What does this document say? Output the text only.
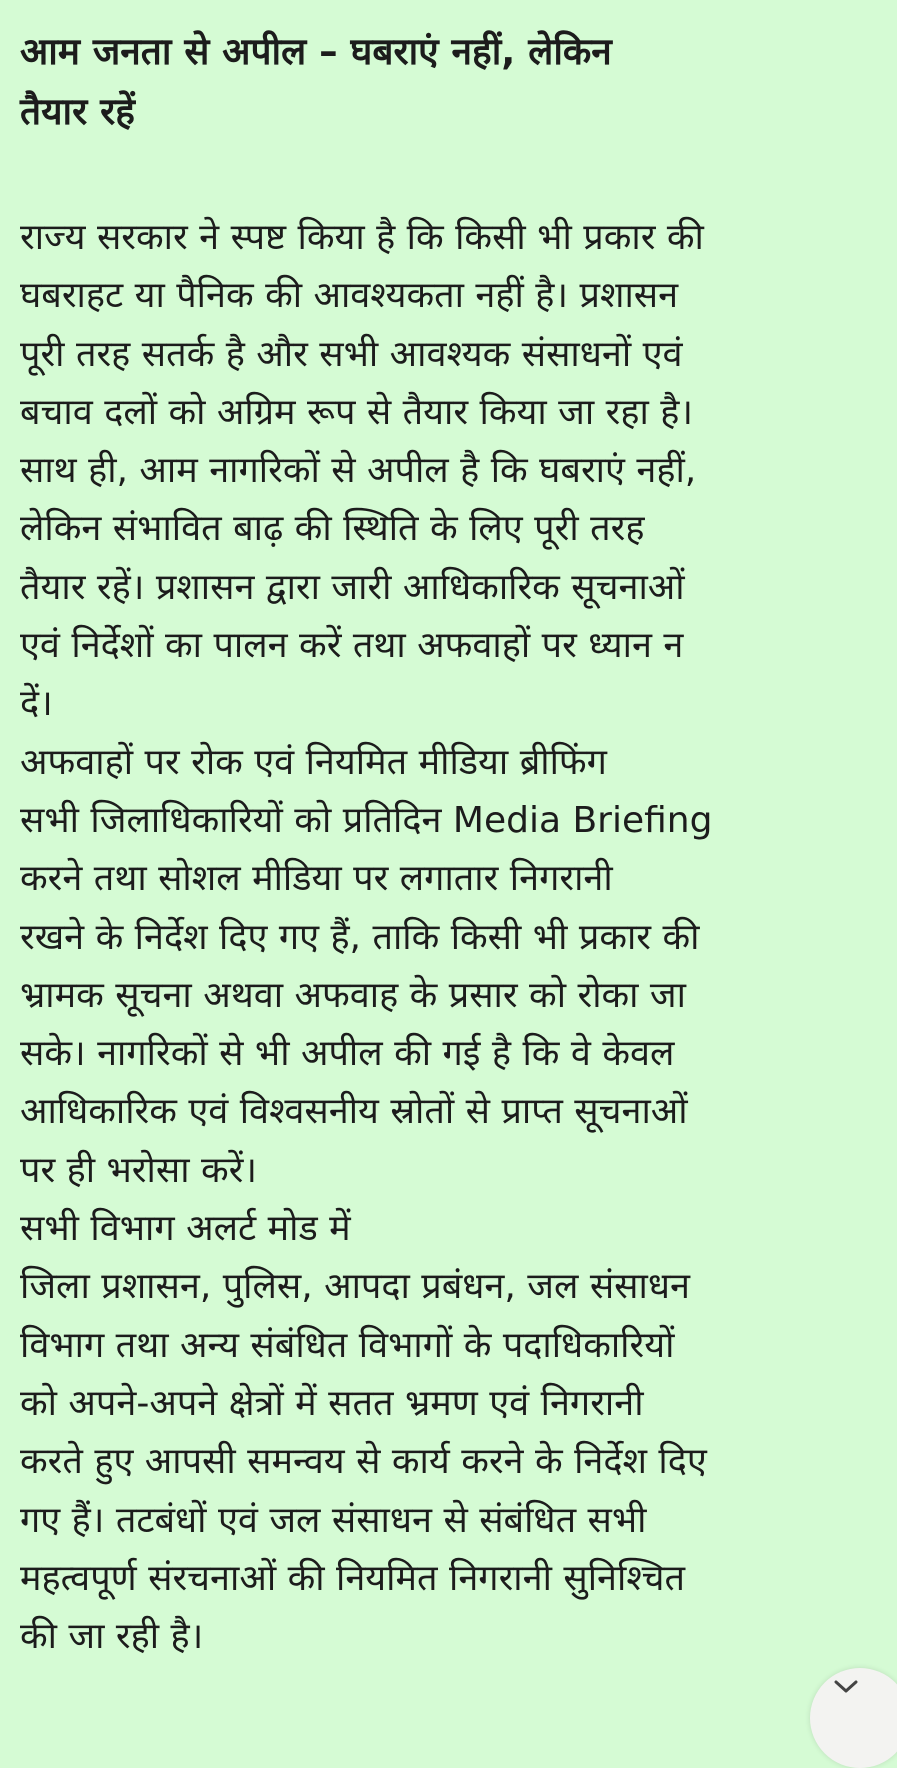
आम जनता से अपील – घबराएं नहीं, लेकिन
तैयार रहें
राज्य सरकार ने स्पष्ट किया है कि किसी भी प्रकार की
घबराहट या पैनिक की आवश्यकता नहीं है। प्रशासन
पूरी तरह सतर्क है और सभी आवश्यक संसाधनों एवं
बचाव दलों को अग्रिम रूप से तैयार किया जा रहा है।
साथ ही, आम नागरिकों से अपील है कि घबराएं नहीं,
लेकिन संभावित बाढ़ की स्थिति के लिए पूरी तरह
तैयार रहें। प्रशासन द्वारा जारी आधिकारिक सूचनाओं
एवं निर्देशों का पालन करें तथा अफवाहों पर ध्यान न
दें।
अफवाहों पर रोक एवं नियमित मीडिया ब्रीफिंग
सभी जिलाधिकारियों को प्रतिदिन Media Briefing
करने तथा सोशल मीडिया पर लगातार निगरानी
रखने के निर्देश दिए गए हैं, ताकि किसी भी प्रकार की
भ्रामक सूचना अथवा अफवाह के प्रसार को रोका जा
सके। नागरिकों से भी अपील की गई है कि वे केवल
आधिकारिक एवं विश्वसनीय स्रोतों से प्राप्त सूचनाओं
पर ही भरोसा करें।
सभी विभाग अलर्ट मोड में
जिला प्रशासन, पुलिस, आपदा प्रबंधन, जल संसाधन
विभाग तथा अन्य संबंधित विभागों के पदाधिकारियों
को अपने-अपने क्षेत्रों में सतत भ्रमण एवं निगरानी
करते हुए आपसी समन्वय से कार्य करने के निर्देश दिए
गए हैं। तटबंधों एवं जल संसाधन से संबंधित सभी
महत्वपूर्ण संरचनाओं की नियमित निगरानी सुनिश्चित
की जा रही है।
